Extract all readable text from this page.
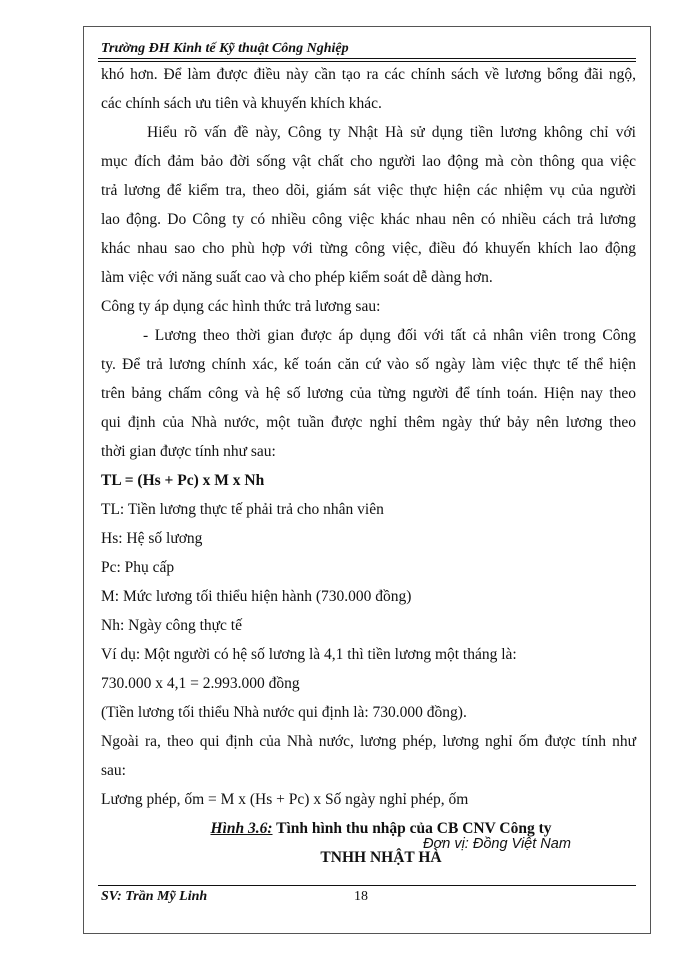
Trường ĐH Kinh tế Kỹ thuật Công Nghiệp
khó hơn. Để làm được điều này cần tạo ra các chính sách về lương bổng đãi ngộ,
các chính sách ưu tiên và khuyến khích khác.
Hiểu rõ vấn đề này, Công ty Nhật Hà sử dụng tiền lương không chỉ với
mục đích đảm bảo đời sống vật chất cho người lao động mà còn thông qua việc
trả lương để kiểm tra, theo dõi, giám sát việc thực hiện các nhiệm vụ của người
lao động. Do Công ty có nhiều công việc khác nhau nên có nhiều cách trả lương
khác nhau sao cho phù hợp với từng công việc, điều đó khuyến khích lao động
làm việc với năng suất cao và cho phép kiểm soát dễ dàng hơn.
Công ty áp dụng các hình thức trả lương sau:
- Lương theo thời gian được áp dụng đối với tất cả nhân viên trong Công
ty. Để trả lương chính xác, kế toán căn cứ vào số ngày làm việc thực tế thể hiện
trên bảng chấm công và hệ số lương của từng người để tính toán. Hiện nay theo
qui định của Nhà nước, một tuần được nghỉ thêm ngày thứ bảy nên lương theo
thời gian được tính như sau:
TL = (Hs + Pc) x M x Nh
TL: Tiền lương thực tế phải trả cho nhân viên
Hs: Hệ số lương
Pc: Phụ cấp
M: Mức lương tối thiểu hiện hành (730.000 đồng)
Nh: Ngày công thực tế
Ví dụ: Một người có hệ số lương là 4,1 thì tiền lương một tháng là:
730.000 x 4,1 = 2.993.000 đồng
(Tiền lương tối thiểu Nhà nước qui định là: 730.000 đồng).
Ngoài ra, theo qui định của Nhà nước, lương phép, lương nghỉ ốm được tính như
sau:
Lương phép, ốm = M x (Hs + Pc) x Số ngày nghỉ phép, ốm
Hình 3.6: Tình hình thu nhập của CB CNV Công ty
TNHH NHẬT HÀ
Đơn vị: Đồng Việt Nam
SV: Trần Mỹ Linh	18
